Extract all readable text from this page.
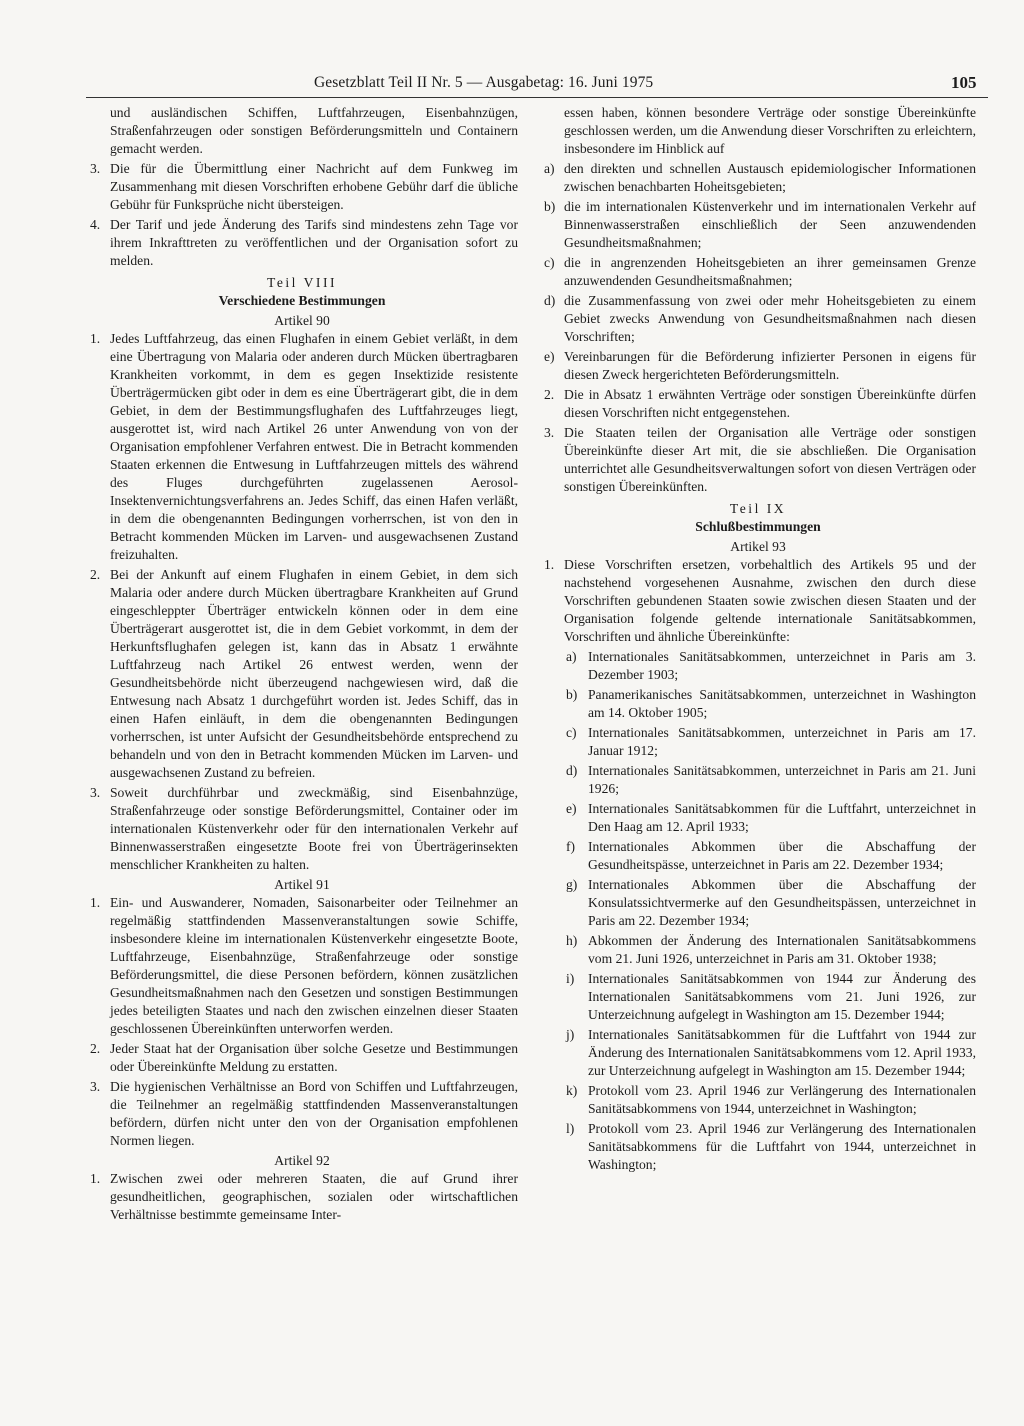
Gesetzblatt Teil II Nr. 5 — Ausgabetag: 16. Juni 1975	105

und ausländischen Schiffen, Luftfahrzeugen, Eisenbahnzügen, Straßenfahrzeugen oder sonstigen Beförderungsmitteln und Containern gemacht werden.

3. Die für die Übermittlung einer Nachricht auf dem Funkweg im Zusammenhang mit diesen Vorschriften erhobene Gebühr darf die übliche Gebühr für Funksprüche nicht übersteigen.
4. Der Tarif und jede Änderung des Tarifs sind mindestens zehn Tage vor ihrem Inkrafttreten zu veröffentlichen und der Organisation sofort zu melden.

Teil VIII

Verschiedene Bestimmungen

Artikel 90

1. Jedes Luftfahrzeug, das einen Flughafen in einem Gebiet verläßt, in dem eine Übertragung von Malaria oder anderen durch Mücken übertragbaren Krankheiten vorkommt, in dem es gegen Insektizide resistente Überträgermücken gibt oder in dem es eine Überträgerart gibt, die in dem Gebiet, in dem der Bestimmungsflughafen des Luftfahrzeuges liegt, ausgerottet ist, wird nach Artikel 26 unter Anwendung von von der Organisation empfohlener Verfahren entwest. Die in Betracht kommenden Staaten erkennen die Entwesung in Luftfahrzeugen mittels des während des Fluges durchgeführten zugelassenen Aerosol-Insektenvernichtungsverfahrens an. Jedes Schiff, das einen Hafen verläßt, in dem die obengenannten Bedingungen vorherrschen, ist von den in Betracht kommenden Mücken im Larven- und ausgewachsenen Zustand freizuhalten.
2. Bei der Ankunft auf einem Flughafen in einem Gebiet, in dem sich Malaria oder andere durch Mücken übertragbare Krankheiten auf Grund eingeschleppter Überträger entwickeln können oder in dem eine Überträgerart ausgerottet ist, die in dem Gebiet vorkommt, in dem der Herkunftsflughafen gelegen ist, kann das in Absatz 1 erwähnte Luftfahrzeug nach Artikel 26 entwest werden, wenn der Gesundheitsbehörde nicht überzeugend nachgewiesen wird, daß die Entwesung nach Absatz 1 durchgeführt worden ist. Jedes Schiff, das in einen Hafen einläuft, in dem die obengenannten Bedingungen vorherrschen, ist unter Aufsicht der Gesundheitsbehörde entsprechend zu behandeln und von den in Betracht kommenden Mücken im Larven- und ausgewachsenen Zustand zu befreien.
3. Soweit durchführbar und zweckmäßig, sind Eisenbahnzüge, Straßenfahrzeuge oder sonstige Beförderungsmittel, Container oder im internationalen Küstenverkehr oder für den internationalen Verkehr auf Binnenwasserstraßen eingesetzte Boote frei von Überträgerinsekten menschlicher Krankheiten zu halten.

Artikel 91

1. Ein- und Auswanderer, Nomaden, Saisonarbeiter oder Teilnehmer an regelmäßig stattfindenden Massenveranstaltungen sowie Schiffe, insbesondere kleine im internationalen Küstenverkehr eingesetzte Boote, Luftfahrzeuge, Eisenbahnzüge, Straßenfahrzeuge oder sonstige Beförderungsmittel, die diese Personen befördern, können zusätzlichen Gesundheitsmaßnahmen nach den Gesetzen und sonstigen Bestimmungen jedes beteiligten Staates und nach den zwischen einzelnen dieser Staaten geschlossenen Übereinkünften unterworfen werden.
2. Jeder Staat hat der Organisation über solche Gesetze und Bestimmungen oder Übereinkünfte Meldung zu erstatten.
3. Die hygienischen Verhältnisse an Bord von Schiffen und Luftfahrzeugen, die Teilnehmer an regelmäßig stattfindenden Massenveranstaltungen befördern, dürfen nicht unter den von der Organisation empfohlenen Normen liegen.

Artikel 92

1. Zwischen zwei oder mehreren Staaten, die auf Grund ihrer gesundheitlichen, geographischen, sozialen oder wirtschaftlichen Verhältnisse bestimmte gemeinsame Inter-

essen haben, können besondere Verträge oder sonstige Übereinkünfte geschlossen werden, um die Anwendung dieser Vorschriften zu erleichtern, insbesondere im Hinblick auf

a) den direkten und schnellen Austausch epidemiologischer Informationen zwischen benachbarten Hoheitsgebieten;
b) die im internationalen Küstenverkehr und im internationalen Verkehr auf Binnenwasserstraßen einschließlich der Seen anzuwendenden Gesundheitsmaßnahmen;
c) die in angrenzenden Hoheitsgebieten an ihrer gemeinsamen Grenze anzuwendenden Gesundheitsmaßnahmen;
d) die Zusammenfassung von zwei oder mehr Hoheitsgebieten zu einem Gebiet zwecks Anwendung von Gesundheitsmaßnahmen nach diesen Vorschriften;
e) Vereinbarungen für die Beförderung infizierter Personen in eigens für diesen Zweck hergerichteten Beförderungsmitteln.
2. Die in Absatz 1 erwähnten Verträge oder sonstigen Übereinkünfte dürfen diesen Vorschriften nicht entgegenstehen.
3. Die Staaten teilen der Organisation alle Verträge oder sonstigen Übereinkünfte dieser Art mit, die sie abschließen. Die Organisation unterrichtet alle Gesundheitsverwaltungen sofort von diesen Verträgen oder sonstigen Übereinkünften.

Teil IX

Schlußbestimmungen

Artikel 93

1. Diese Vorschriften ersetzen, vorbehaltlich des Artikels 95 und der nachstehend vorgesehenen Ausnahme, zwischen den durch diese Vorschriften gebundenen Staaten sowie zwischen diesen Staaten und der Organisation folgende geltende internationale Sanitätsabkommen, Vorschriften und ähnliche Übereinkünfte:
a) Internationales Sanitätsabkommen, unterzeichnet in Paris am 3. Dezember 1903;
b) Panamerikanisches Sanitätsabkommen, unterzeichnet in Washington am 14. Oktober 1905;
c) Internationales Sanitätsabkommen, unterzeichnet in Paris am 17. Januar 1912;
d) Internationales Sanitätsabkommen, unterzeichnet in Paris am 21. Juni 1926;
e) Internationales Sanitätsabkommen für die Luftfahrt, unterzeichnet in Den Haag am 12. April 1933;
f) Internationales Abkommen über die Abschaffung der Gesundheitspässe, unterzeichnet in Paris am 22. Dezember 1934;
g) Internationales Abkommen über die Abschaffung der Konsulatssichtvermerke auf den Gesundheitspässen, unterzeichnet in Paris am 22. Dezember 1934;
h) Abkommen der Änderung des Internationalen Sanitätsabkommens vom 21. Juni 1926, unterzeichnet in Paris am 31. Oktober 1938;
i) Internationales Sanitätsabkommen von 1944 zur Änderung des Internationalen Sanitätsabkommens vom 21. Juni 1926, zur Unterzeichnung aufgelegt in Washington am 15. Dezember 1944;
j) Internationales Sanitätsabkommen für die Luftfahrt von 1944 zur Änderung des Internationalen Sanitätsabkommens vom 12. April 1933, zur Unterzeichnung aufgelegt in Washington am 15. Dezember 1944;
k) Protokoll vom 23. April 1946 zur Verlängerung des Internationalen Sanitätsabkommens von 1944, unterzeichnet in Washington;
l) Protokoll vom 23. April 1946 zur Verlängerung des Internationalen Sanitätsabkommens für die Luftfahrt von 1944, unterzeichnet in Washington;
